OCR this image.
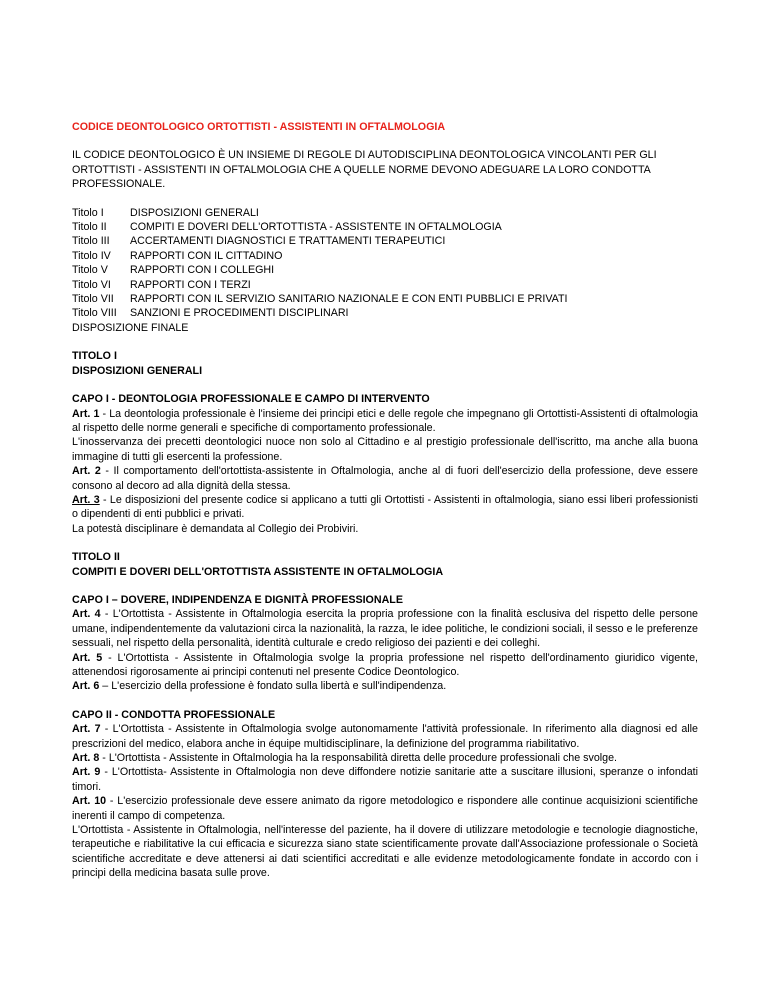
CODICE DEONTOLOGICO ORTOTTISTI - ASSISTENTI IN OFTALMOLOGIA

IL CODICE DEONTOLOGICO È UN INSIEME DI REGOLE DI AUTODISCIPLINA DEONTOLOGICA VINCOLANTI PER GLI ORTOTTISTI - ASSISTENTI IN OFTALMOLOGIA CHE A QUELLE NORME DEVONO ADEGUARE LA LORO CONDOTTA PROFESSIONALE.

Titolo I	DISPOSIZIONI GENERALI
Titolo II	COMPITI E DOVERI DELL'ORTOTTISTA - ASSISTENTE IN OFTALMOLOGIA
Titolo III	ACCERTAMENTI DIAGNOSTICI E TRATTAMENTI TERAPEUTICI
Titolo IV	RAPPORTI CON IL CITTADINO
Titolo V	RAPPORTI CON I COLLEGHI
Titolo VI	RAPPORTI CON I TERZI
Titolo VII	RAPPORTI CON IL SERVIZIO SANITARIO NAZIONALE E CON ENTI PUBBLICI E PRIVATI
Titolo VIII	SANZIONI E PROCEDIMENTI DISCIPLINARI
DISPOSIZIONE FINALE

TITOLO I

DISPOSIZIONI GENERALI

CAPO I - DEONTOLOGIA PROFESSIONALE E CAMPO DI INTERVENTO

Art. 1 - La deontologia professionale è l'insieme dei principi etici e delle regole che impegnano gli Ortottisti-Assistenti di oftalmologia al rispetto delle norme generali e specifiche di comportamento professionale.

L'inosservanza dei precetti deontologici nuoce non solo al Cittadino e al prestigio professionale dell'iscritto, ma anche alla buona immagine di tutti gli esercenti la professione.

Art. 2 - Il comportamento dell'ortottista-assistente in Oftalmologia, anche al di fuori dell'esercizio della professione, deve essere consono al decoro ad alla dignità della stessa.

Art. 3 - Le disposizioni del presente codice si applicano a tutti gli Ortottisti - Assistenti in oftalmologia, siano essi liberi professionisti o dipendenti di enti pubblici e privati.

La potestà disciplinare è demandata al Collegio dei Probiviri.

TITOLO II

COMPITI E DOVERI DELL'ORTOTTISTA ASSISTENTE IN OFTALMOLOGIA

CAPO I – DOVERE, INDIPENDENZA E DIGNITÀ PROFESSIONALE

Art. 4 - L'Ortottista - Assistente in Oftalmologia esercita la propria professione con la finalità esclusiva del rispetto delle persone umane, indipendentemente da valutazioni circa la nazionalità, la razza, le idee politiche, le condizioni sociali, il sesso e le preferenze sessuali, nel rispetto della personalità, identità culturale e credo religioso dei pazienti e dei colleghi.

Art. 5 - L'Ortottista - Assistente in Oftalmologia svolge la propria professione nel rispetto dell'ordinamento giuridico vigente, attenendosi rigorosamente ai principi contenuti nel presente Codice Deontologico.

Art. 6 – L'esercizio della professione è fondato sulla libertà e sull'indipendenza.

CAPO II - CONDOTTA PROFESSIONALE

Art. 7 - L'Ortottista - Assistente in Oftalmologia svolge autonomamente l'attività professionale. In riferimento alla diagnosi ed alle prescrizioni del medico, elabora anche in équipe multidisciplinare, la definizione del programma riabilitativo.

Art. 8 - L'Ortottista - Assistente in Oftalmologia ha la responsabilità diretta delle procedure professionali che svolge.

Art. 9 - L'Ortottista- Assistente in Oftalmologia non deve diffondere notizie sanitarie atte a suscitare illusioni, speranze o infondati timori.

Art. 10 - L'esercizio professionale deve essere animato da rigore metodologico e rispondere alle continue acquisizioni scientifiche inerenti il campo di competenza.

L'Ortottista - Assistente in Oftalmologia, nell'interesse del paziente, ha il dovere di utilizzare metodologie e tecnologie diagnostiche, terapeutiche e riabilitative la cui efficacia e sicurezza siano state scientificamente provate dall'Associazione professionale o Società scientifiche accreditate e deve attenersi ai dati scientifici accreditati e alle evidenze metodologicamente fondate in accordo con i principi della medicina basata sulle prove.
